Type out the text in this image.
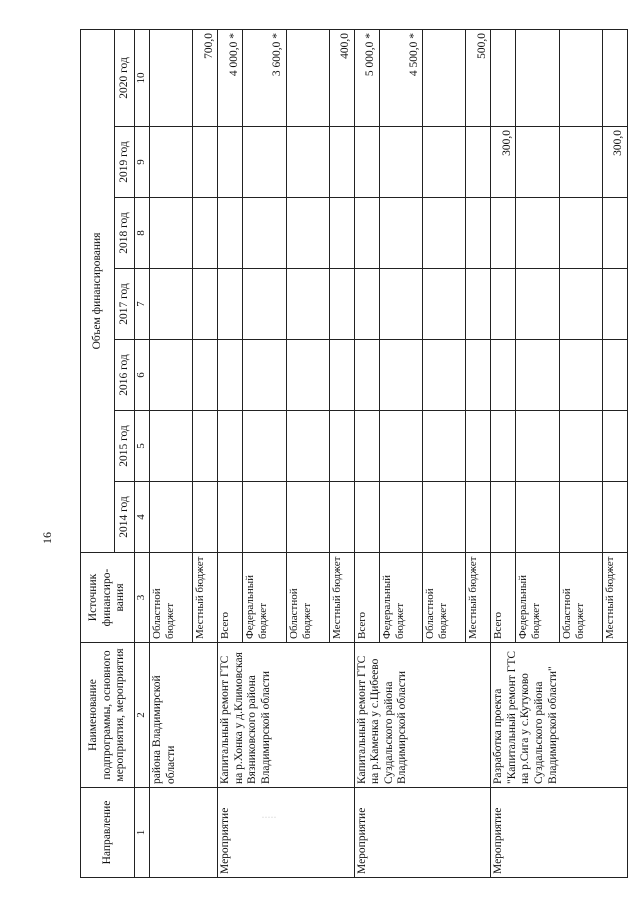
16
Направление	Наименование подпрограммы, основного мероприятия, мероприятия	Источник финансиро-вания	Объем финансирования						
			2014 год	2015 год	2016 год	2017 год	2018 год	2019 год	2020 год
1	2	3	4	5	6	7	8	9	10
	района Владимирской области	Областной бюджет							
		Местный бюджет							700,0
Мероприятие	Капитальный ремонт ГТС на р.Хонка у д.Климовская Вязниковского района Владимирской области	Всего							4 000,0 *
		Федеральный бюджет							3 600,0 *
		Областной бюджет							
		Местный бюджет							400,0
Мероприятие	Капитальный ремонт ГТС на р.Каменка у с.Цибеево Суздальского района Владимирской области	Всего							5 000,0 *
		Федеральный бюджет							4 500,0 *
		Областной бюджет							
		Местный бюджет							500,0
Мероприятие	Разработка проекта "Капитальный ремонт ГТС на р.Сига у с.Кутуково Суздальского района Владимирской области"	Всего						300,0	
		Федеральный бюджет							
		Областной бюджет							
		Местный бюджет						300,0	
·····
